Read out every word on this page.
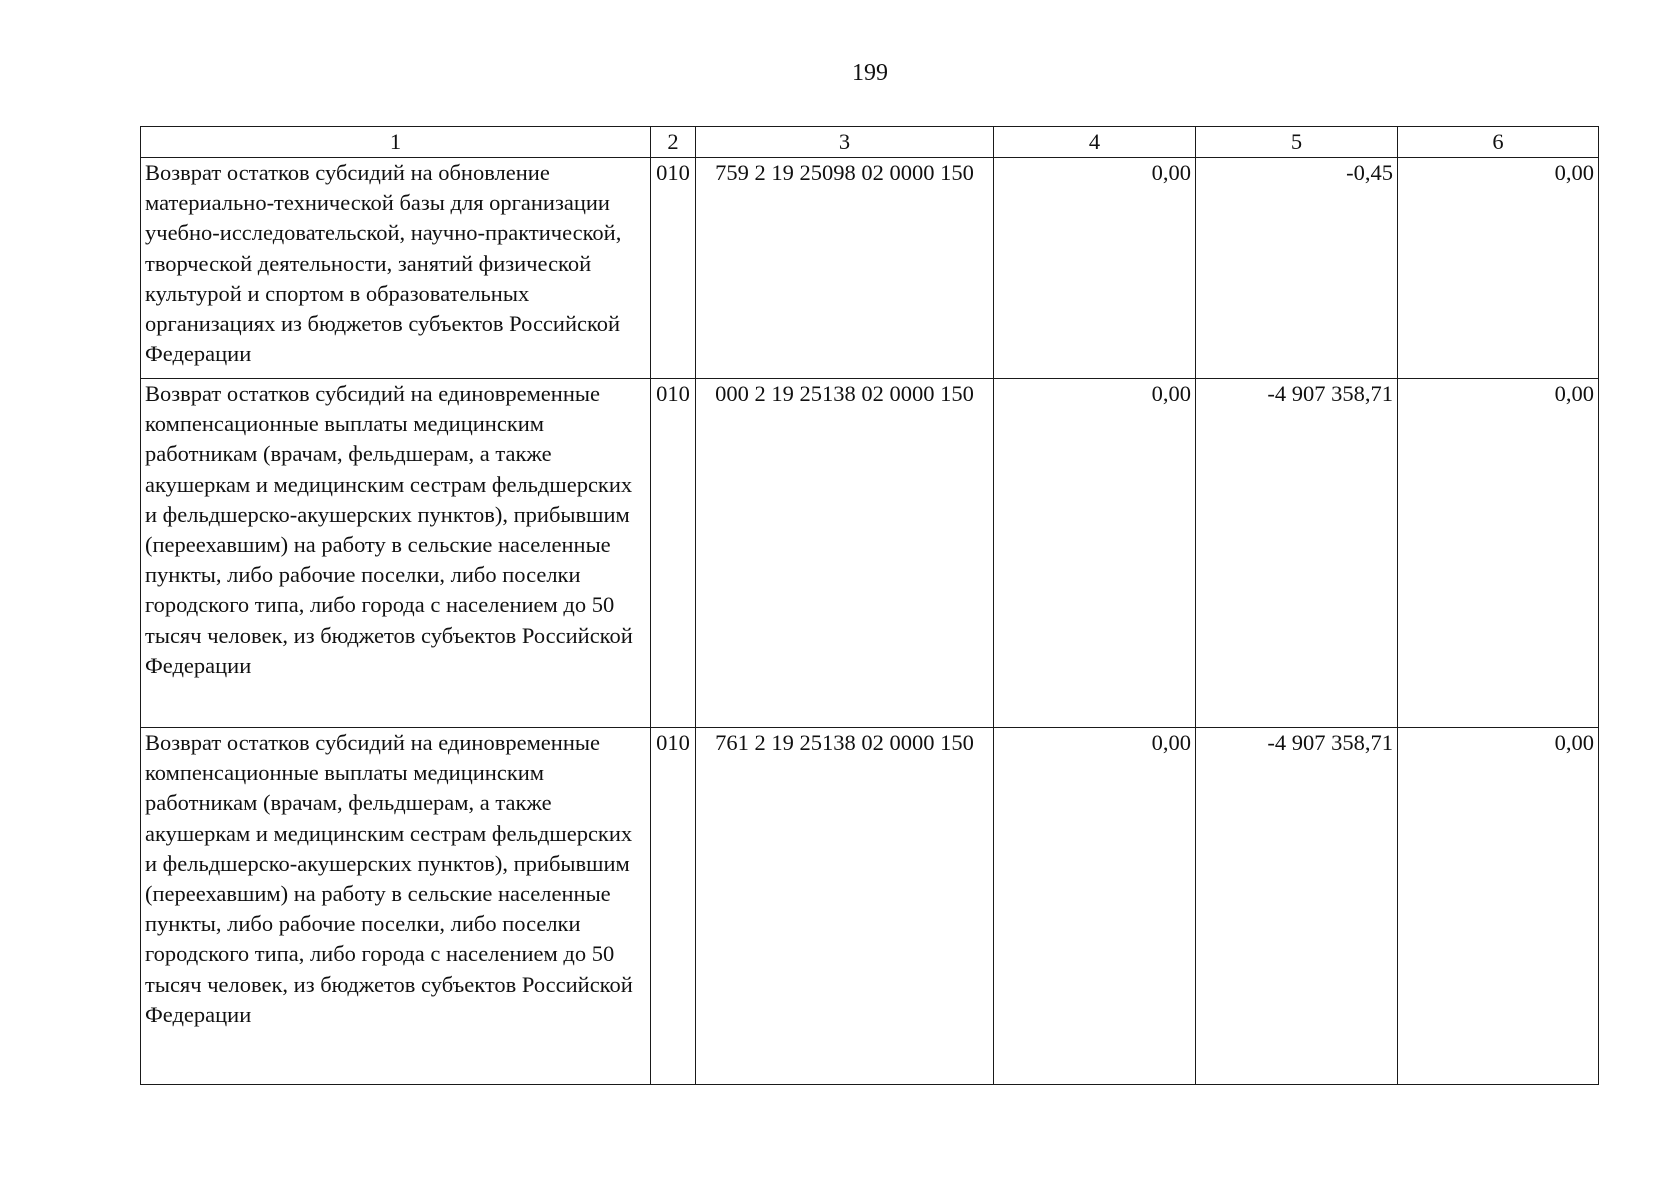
199
1	2	3	4	5	6
Возврат остатков субсидий на обновление материально-технической базы для организации учебно-исследовательской, научно-практической, творческой деятельности, занятий физической культурой и спортом в образовательных организациях из бюджетов субъектов Российской Федерации	010	759 2 19 25098 02 0000 150	0,00	-0,45	0,00
Возврат остатков субсидий на единовременные компенсационные выплаты медицинским работникам (врачам, фельдшерам, а также акушеркам и медицинским сестрам фельдшерских и фельдшерско-акушерских пунктов), прибывшим (переехавшим) на работу в сельские населенные пункты, либо рабочие поселки, либо поселки городского типа, либо города с населением до 50 тысяч человек, из бюджетов субъектов Российской Федерации	010	000 2 19 25138 02 0000 150	0,00	-4 907 358,71	0,00
Возврат остатков субсидий на единовременные компенсационные выплаты медицинским работникам (врачам, фельдшерам, а также акушеркам и медицинским сестрам фельдшерских и фельдшерско-акушерских пунктов), прибывшим (переехавшим) на работу в сельские населенные пункты, либо рабочие поселки, либо поселки городского типа, либо города с населением до 50 тысяч человек, из бюджетов субъектов Российской Федерации	010	761 2 19 25138 02 0000 150	0,00	-4 907 358,71	0,00
